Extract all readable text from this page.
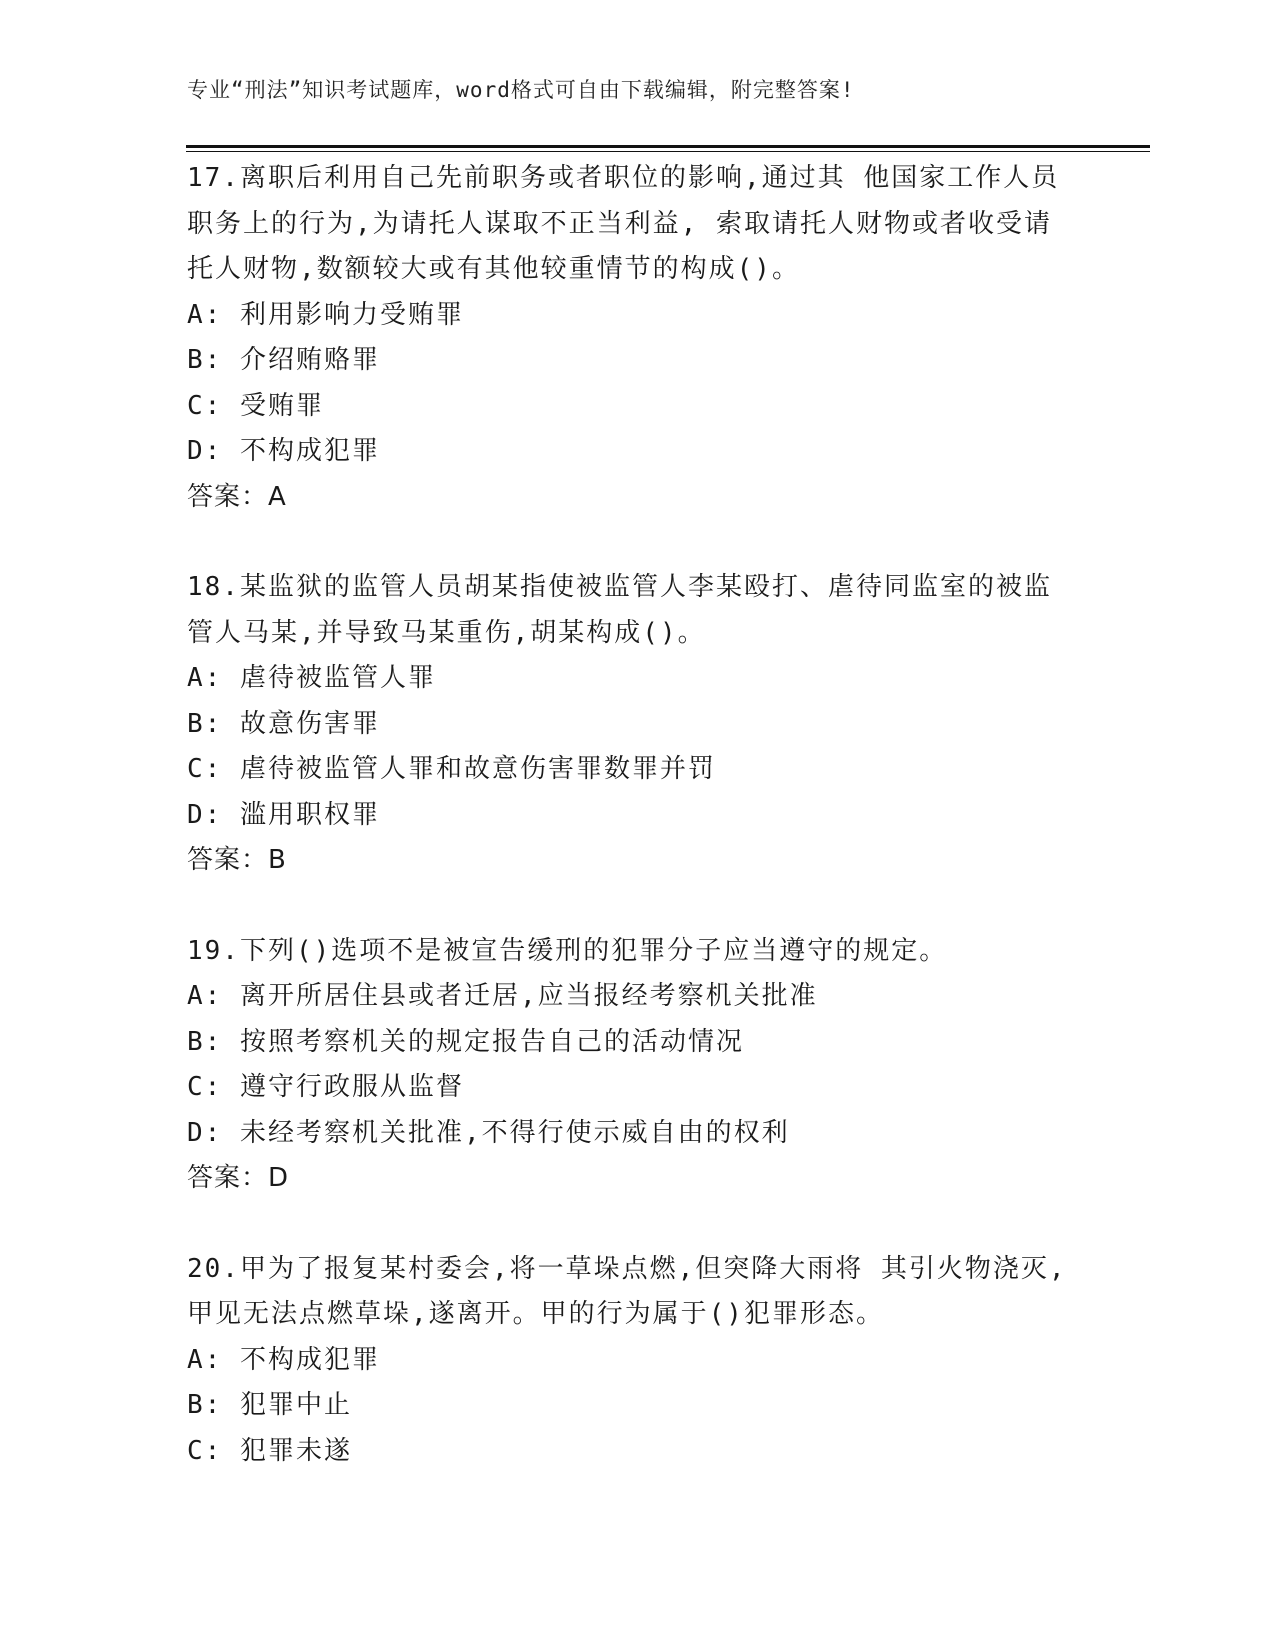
专业“刑法”知识考试题库，word格式可自由下载编辑，附完整答案!

17.离职后利用自己先前职务或者职位的影响,通过其 他国家工作人员

职务上的行为,为请托人谋取不正当利益, 索取请托人财物或者收受请

托人财物,数额较大或有其他较重情节的构成()。

A: 利用影响力受贿罪

B: 介绍贿赂罪

C: 受贿罪

D: 不构成犯罪

答案：A

18.某监狱的监管人员胡某指使被监管人李某殴打、虐待同监室的被监

管人马某,并导致马某重伤,胡某构成()。

A: 虐待被监管人罪

B: 故意伤害罪

C: 虐待被监管人罪和故意伤害罪数罪并罚

D: 滥用职权罪

答案：B

19.下列()选项不是被宣告缓刑的犯罪分子应当遵守的规定。

A: 离开所居住县或者迁居,应当报经考察机关批准

B: 按照考察机关的规定报告自己的活动情况

C: 遵守行政服从监督

D: 未经考察机关批准,不得行使示威自由的权利

答案：D

20.甲为了报复某村委会,将一草垛点燃,但突降大雨将 其引火物浇灭,

甲见无法点燃草垛,遂离开。甲的行为属于()犯罪形态。

A: 不构成犯罪

B: 犯罪中止

C: 犯罪未遂
